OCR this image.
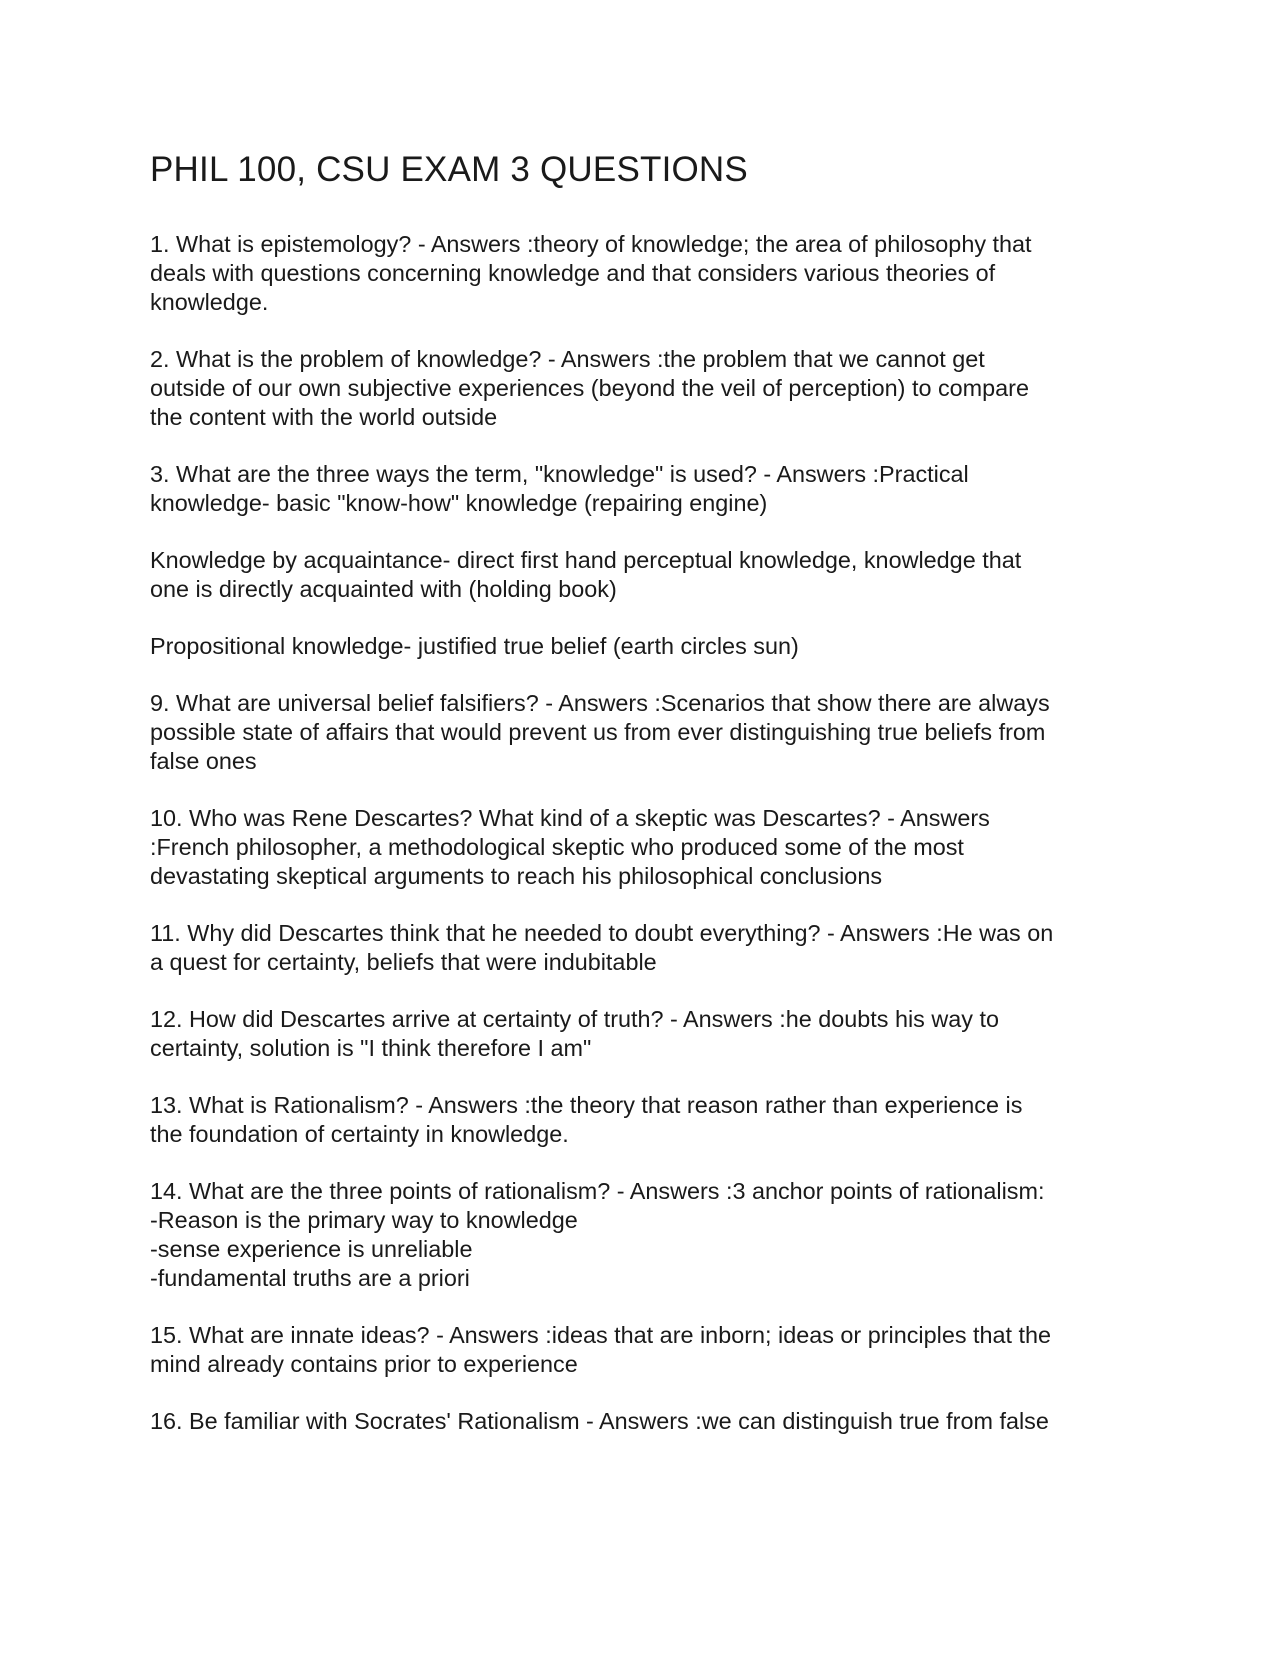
PHIL 100, CSU EXAM 3 QUESTIONS

1. What is epistemology? - Answers :theory of knowledge; the area of philosophy that
deals with questions concerning knowledge and that considers various theories of
knowledge.

2. What is the problem of knowledge? - Answers :the problem that we cannot get
outside of our own subjective experiences (beyond the veil of perception) to compare
the content with the world outside

3. What are the three ways the term, "knowledge" is used? - Answers :Practical
knowledge- basic "know-how" knowledge (repairing engine)

Knowledge by acquaintance- direct first hand perceptual knowledge, knowledge that
one is directly acquainted with (holding book)

Propositional knowledge- justified true belief (earth circles sun)

9. What are universal belief falsifiers? - Answers :Scenarios that show there are always
possible state of affairs that would prevent us from ever distinguishing true beliefs from
false ones

10. Who was Rene Descartes? What kind of a skeptic was Descartes? - Answers
:French philosopher, a methodological skeptic who produced some of the most
devastating skeptical arguments to reach his philosophical conclusions

11. Why did Descartes think that he needed to doubt everything? - Answers :He was on
a quest for certainty, beliefs that were indubitable

12. How did Descartes arrive at certainty of truth? - Answers :he doubts his way to
certainty, solution is "I think therefore I am"

13. What is Rationalism? - Answers :the theory that reason rather than experience is
the foundation of certainty in knowledge.

14. What are the three points of rationalism? - Answers :3 anchor points of rationalism:
-Reason is the primary way to knowledge
-sense experience is unreliable
-fundamental truths are a priori

15. What are innate ideas? - Answers :ideas that are inborn; ideas or principles that the
mind already contains prior to experience

16. Be familiar with Socrates' Rationalism - Answers :we can distinguish true from false
